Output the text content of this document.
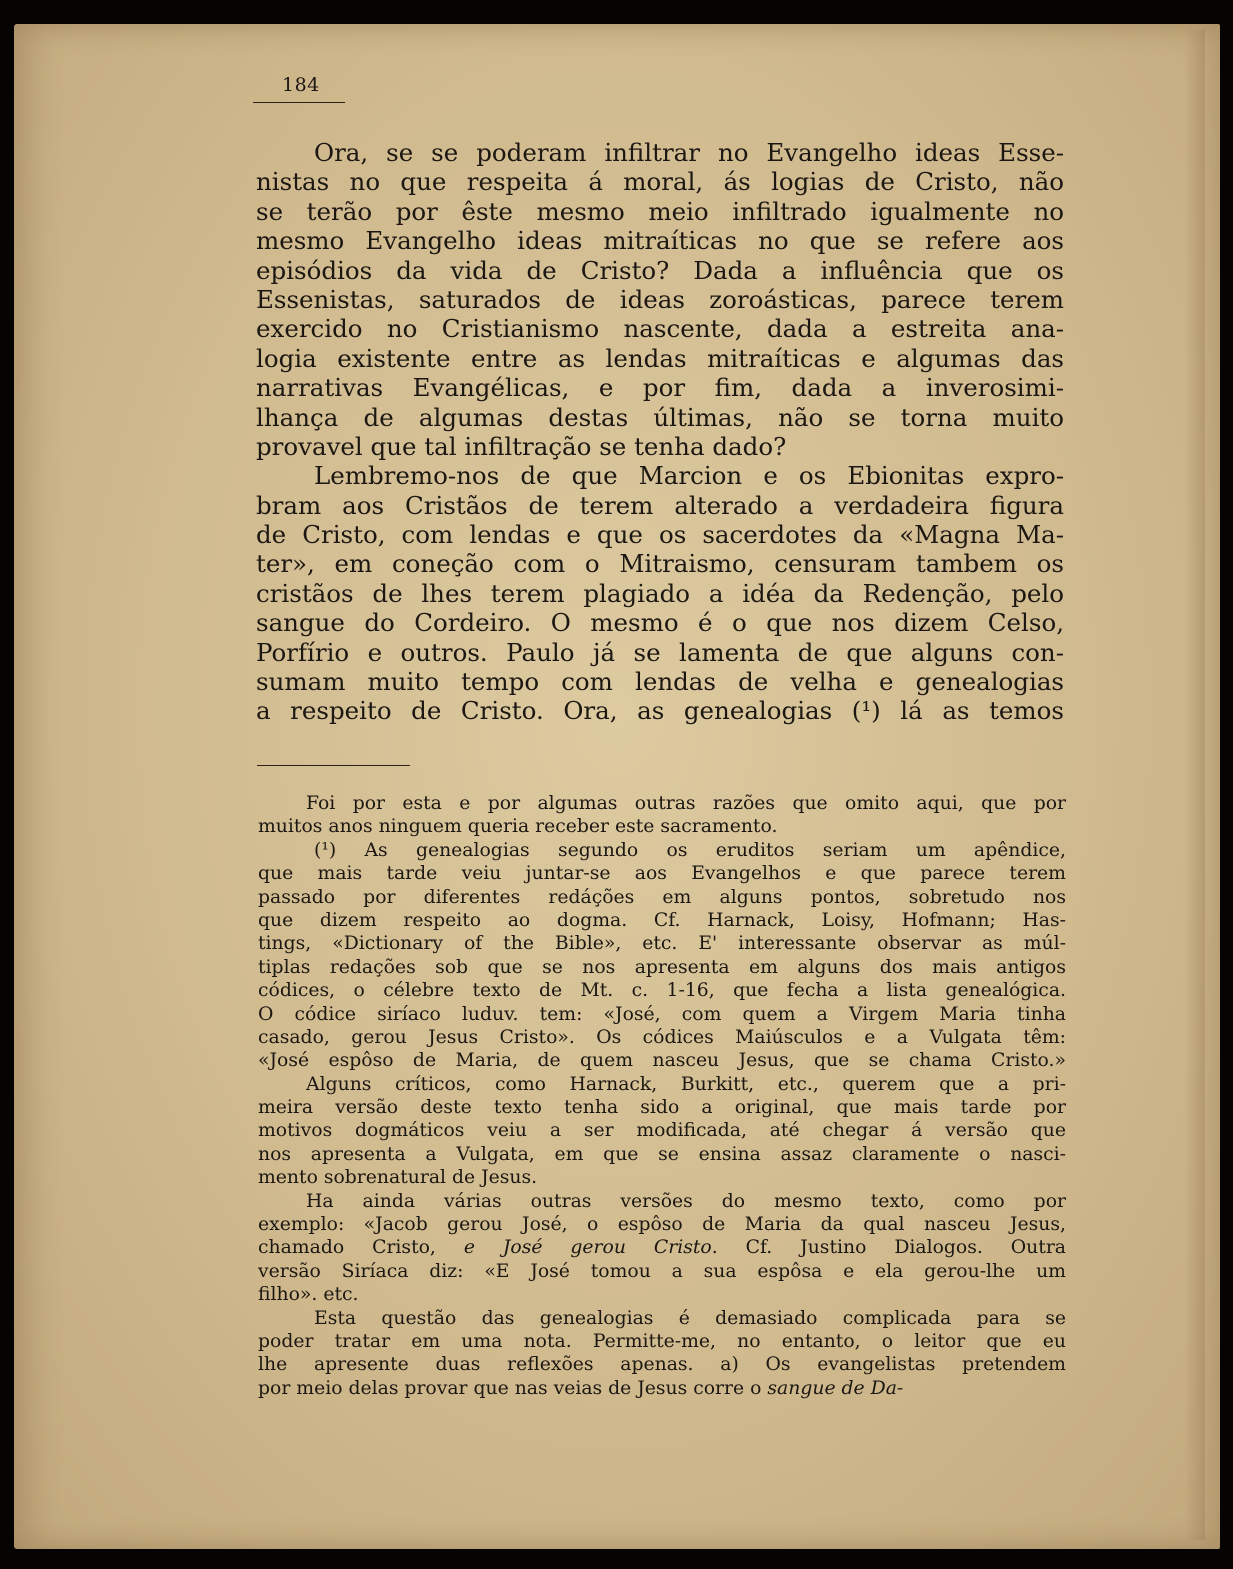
184
Ora, se se poderam infiltrar no Evangelho ideas Esse-
nistas no que respeita á moral, ás logias de Cristo, não
se terão por êste mesmo meio infiltrado igualmente no
mesmo Evangelho ideas mitraíticas no que se refere aos
episódios da vida de Cristo? Dada a influência que os
Essenistas, saturados de ideas zoroásticas, parece terem
exercido no Cristianismo nascente, dada a estreita ana-
logia existente entre as lendas mitraíticas e algumas das
narrativas Evangélicas, e por fim, dada a inverosimi-
lhança de algumas destas últimas, não se torna muito
provavel que tal infiltração se tenha dado?
Lembremo-nos de que Marcion e os Ebionitas expro-
bram aos Cristãos de terem alterado a verdadeira figura
de Cristo, com lendas e que os sacerdotes da «Magna Ma-
ter», em coneção com o Mitraismo, censuram tambem os
cristãos de lhes terem plagiado a idéa da Redenção, pelo
sangue do Cordeiro. O mesmo é o que nos dizem Celso,
Porfírio e outros. Paulo já se lamenta de que alguns con-
sumam muito tempo com lendas de velha e genealogias
a respeito de Cristo. Ora, as genealogias (¹) lá as temos
Foi por esta e por algumas outras razões que omito aqui, que por
muitos anos ninguem queria receber este sacramento.
(¹) As genealogias segundo os eruditos seriam um apêndice,
que mais tarde veiu juntar-se aos Evangelhos e que parece terem
passado por diferentes redáções em alguns pontos, sobretudo nos
que dizem respeito ao dogma. Cf. Harnack, Loisy, Hofmann; Has-
tings, «Dictionary of the Bible», etc. E' interessante observar as múl-
tiplas redações sob que se nos apresenta em alguns dos mais antigos
códices, o célebre texto de Mt. c. 1-16, que fecha a lista genealógica.
O códice siríaco luduv. tem: «José, com quem a Virgem Maria tinha
casado, gerou Jesus Cristo». Os códices Maiúsculos e a Vulgata têm:
«José espôso de Maria, de quem nasceu Jesus, que se chama Cristo.»
Alguns críticos, como Harnack, Burkitt, etc., querem que a pri-
meira versão deste texto tenha sido a original, que mais tarde por
motivos dogmáticos veiu a ser modificada, até chegar á versão que
nos apresenta a Vulgata, em que se ensina assaz claramente o nasci-
mento sobrenatural de Jesus.
Ha ainda várias outras versões do mesmo texto, como por
exemplo: «Jacob gerou José, o espôso de Maria da qual nasceu Jesus,
chamado Cristo, e José gerou Cristo. Cf. Justino Dialogos. Outra
versão Siríaca diz: «E José tomou a sua espôsa e ela gerou-lhe um
filho». etc.
Esta questão das genealogias é demasiado complicada para se
poder tratar em uma nota. Permitte-me, no entanto, o leitor que eu
lhe apresente duas reflexões apenas. a) Os evangelistas pretendem
por meio delas provar que nas veias de Jesus corre o sangue de Da-
